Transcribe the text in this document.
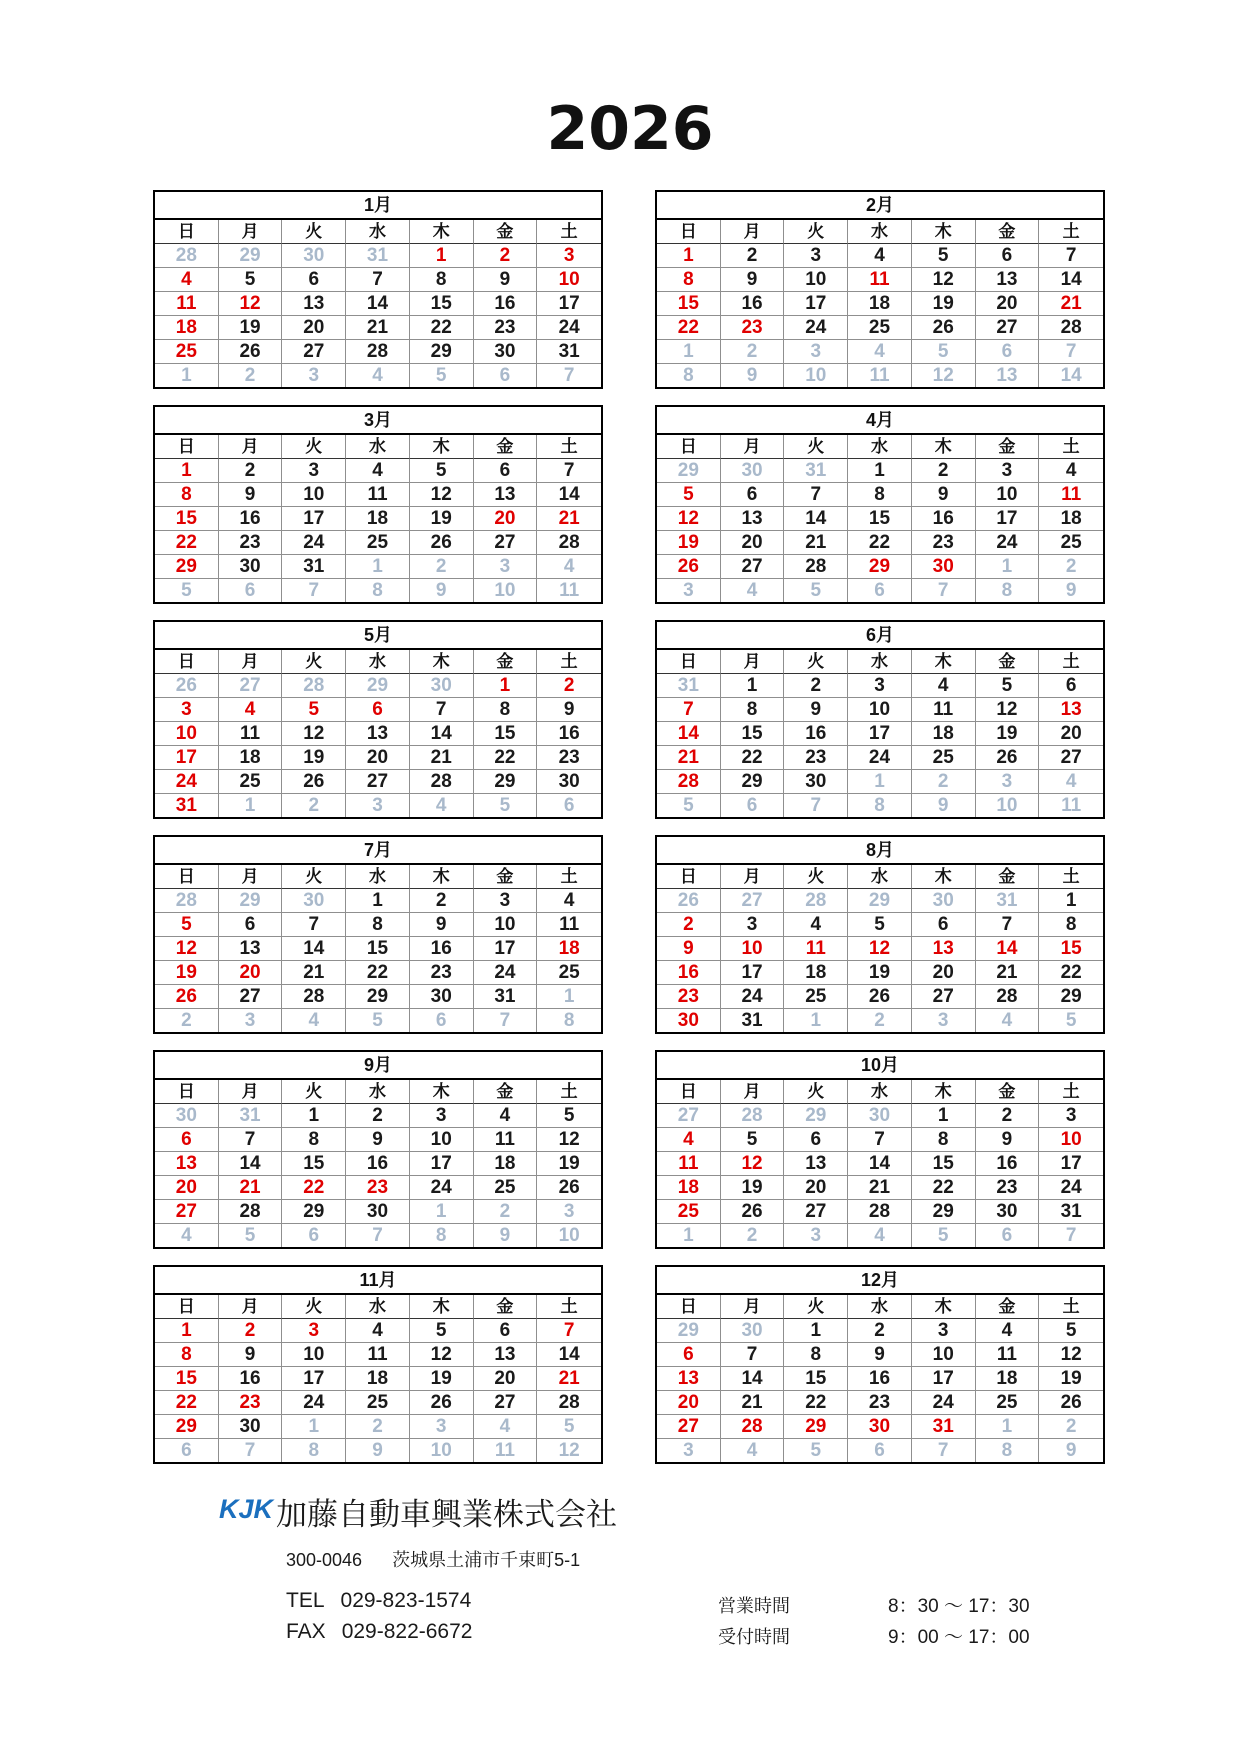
2026
1月
日	月	火	水	木	金	土
28	29	30	31	1	2	3
4	5	6	7	8	9	10
11	12	13	14	15	16	17
18	19	20	21	22	23	24
25	26	27	28	29	30	31
1	2	3	4	5	6	7
2月
日	月	火	水	木	金	土
1	2	3	4	5	6	7
8	9	10	11	12	13	14
15	16	17	18	19	20	21
22	23	24	25	26	27	28
1	2	3	4	5	6	7
8	9	10	11	12	13	14
3月
日	月	火	水	木	金	土
1	2	3	4	5	6	7
8	9	10	11	12	13	14
15	16	17	18	19	20	21
22	23	24	25	26	27	28
29	30	31	1	2	3	4
5	6	7	8	9	10	11
4月
日	月	火	水	木	金	土
29	30	31	1	2	3	4
5	6	7	8	9	10	11
12	13	14	15	16	17	18
19	20	21	22	23	24	25
26	27	28	29	30	1	2
3	4	5	6	7	8	9
5月
日	月	火	水	木	金	土
26	27	28	29	30	1	2
3	4	5	6	7	8	9
10	11	12	13	14	15	16
17	18	19	20	21	22	23
24	25	26	27	28	29	30
31	1	2	3	4	5	6
6月
日	月	火	水	木	金	土
31	1	2	3	4	5	6
7	8	9	10	11	12	13
14	15	16	17	18	19	20
21	22	23	24	25	26	27
28	29	30	1	2	3	4
5	6	7	8	9	10	11
7月
日	月	火	水	木	金	土
28	29	30	1	2	3	4
5	6	7	8	9	10	11
12	13	14	15	16	17	18
19	20	21	22	23	24	25
26	27	28	29	30	31	1
2	3	4	5	6	7	8
8月
日	月	火	水	木	金	土
26	27	28	29	30	31	1
2	3	4	5	6	7	8
9	10	11	12	13	14	15
16	17	18	19	20	21	22
23	24	25	26	27	28	29
30	31	1	2	3	4	5
9月
日	月	火	水	木	金	土
30	31	1	2	3	4	5
6	7	8	9	10	11	12
13	14	15	16	17	18	19
20	21	22	23	24	25	26
27	28	29	30	1	2	3
4	5	6	7	8	9	10
10月
日	月	火	水	木	金	土
27	28	29	30	1	2	3
4	5	6	7	8	9	10
11	12	13	14	15	16	17
18	19	20	21	22	23	24
25	26	27	28	29	30	31
1	2	3	4	5	6	7
11月
日	月	火	水	木	金	土
1	2	3	4	5	6	7
8	9	10	11	12	13	14
15	16	17	18	19	20	21
22	23	24	25	26	27	28
29	30	1	2	3	4	5
6	7	8	9	10	11	12
12月
日	月	火	水	木	金	土
29	30	1	2	3	4	5
6	7	8	9	10	11	12
13	14	15	16	17	18	19
20	21	22	23	24	25	26
27	28	29	30	31	1	2
3	4	5	6	7	8	9
KJK 加藤自動車興業株式会社
300-0046 茨城県土浦市千束町5-1
TEL 029-823-1574
FAX 029-822-6672
営業時間	8：30 ～ 17：30
受付時間	9：00 ～ 17：00
